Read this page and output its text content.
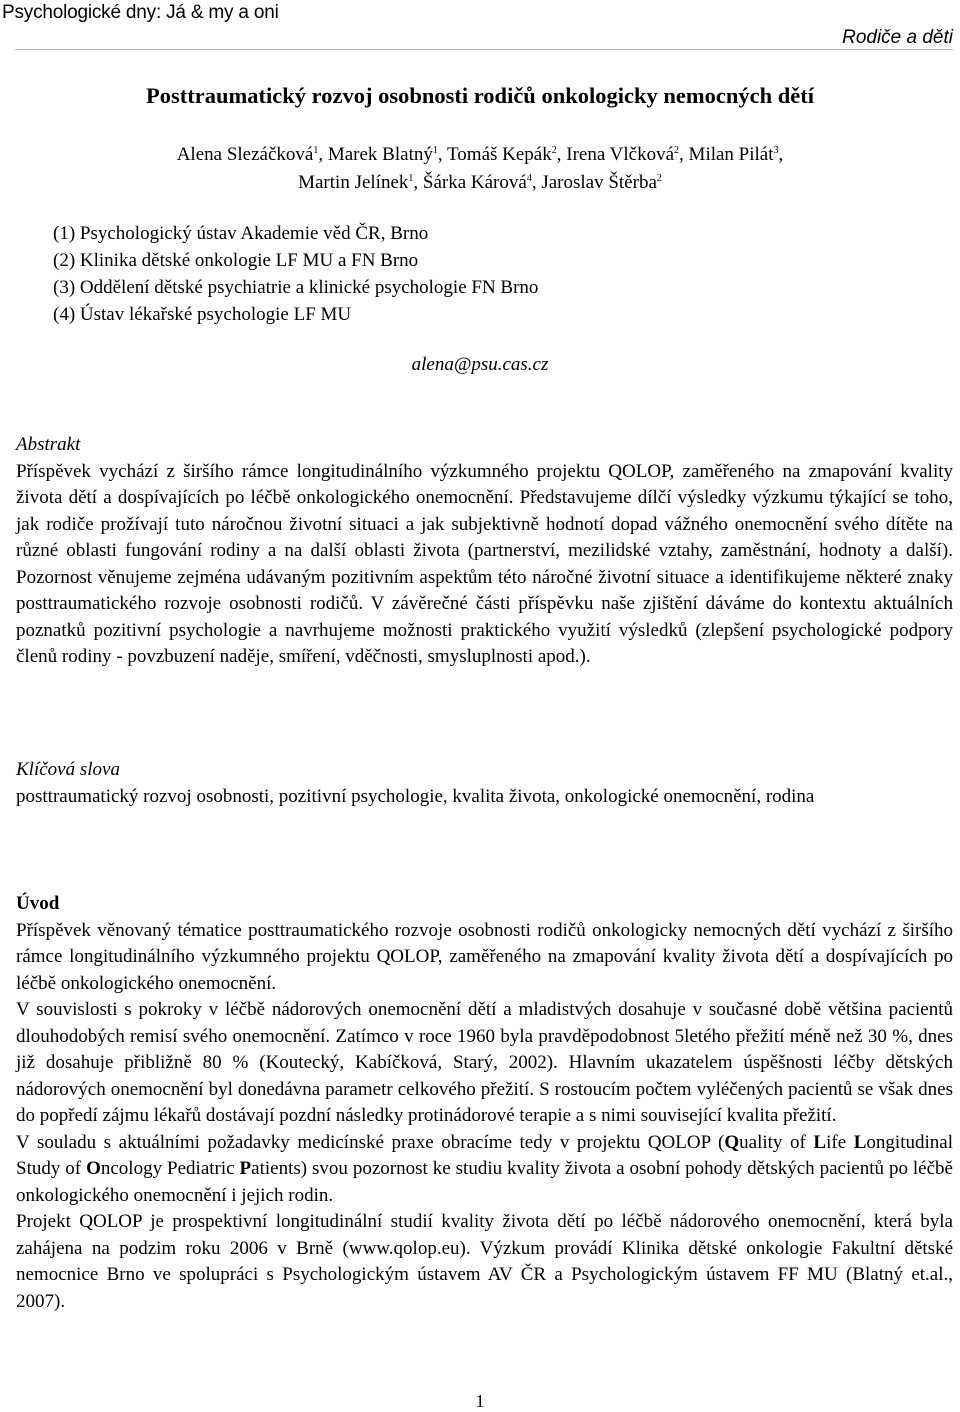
Psychologické dny: Já & my a oni
Rodiče a děti
Posttraumatický rozvoj osobnosti rodičů onkologicky nemocných dětí
Alena Slezáčková$^1$, Marek Blatný$^1$, Tomáš Kepák$^2$, Irena Vlčková$^2$, Milan Pilát$^3$,
Martin Jelínek$^1$, Šárka Kárová$^4$, Jaroslav Štěrba$^2$
(1) Psychologický ústav Akademie věd ČR, Brno
(2) Klinika dětské onkologie LF MU a FN Brno
(3) Oddělení dětské psychiatrie a klinické psychologie FN Brno
(4) Ústav lékařské psychologie LF MU
alena@psu.cas.cz
Abstrakt
Příspěvek vychází z širšího rámce longitudinálního výzkumného projektu QOLOP, zaměřeného na zmapování kvality života dětí a dospívajících po léčbě onkologického onemocnění. Představujeme dílčí výsledky výzkumu týkající se toho, jak rodiče prožívají tuto náročnou životní situaci a jak subjektivně hodnotí dopad vážného onemocnění svého dítěte na různé oblasti fungování rodiny a na další oblasti života (partnerství, mezilidské vztahy, zaměstnání, hodnoty a další). Pozornost věnujeme zejména udávaným pozitivním aspektům této náročné životní situace a identifikujeme některé znaky posttraumatického rozvoje osobnosti rodičů. V závěrečné části příspěvku naše zjištění dáváme do kontextu aktuálních poznatků pozitivní psychologie a navrhujeme možnosti praktického využití výsledků (zlepšení psychologické podpory členů rodiny - povzbuzení naděje, smíření, vděčnosti, smysluplnosti apod.).
Klíčová slova
posttraumatický rozvoj osobnosti, pozitivní psychologie, kvalita života, onkologické onemocnění, rodina
Úvod
Příspěvek věnovaný tématice posttraumatického rozvoje osobnosti rodičů onkologicky nemocných dětí vychází z širšího rámce longitudinálního výzkumného projektu QOLOP, zaměřeného na zmapování kvality života dětí a dospívajících po léčbě onkologického onemocnění.
V souvislosti s pokroky v léčbě nádorových onemocnění dětí a mladistvých dosahuje v současné době většina pacientů dlouhodobých remisí svého onemocnění. Zatímco v roce 1960 byla pravděpodobnost 5letého přežití méně než 30 %, dnes již dosahuje přibližně 80 % (Koutecký, Kabíčková, Starý, 2002). Hlavním ukazatelem úspěšnosti léčby dětských nádorových onemocnění byl donedávna parametr celkového přežití. S rostoucím počtem vyléčených pacientů se však dnes do popředí zájmu lékařů dostávají pozdní následky protinádorové terapie a s nimi související kvalita přežití.
V souladu s aktuálními požadavky medicínské praxe obracíme tedy v projektu QOLOP (Quality of Life Longitudinal Study of Oncology Pediatric Patients) svou pozornost ke studiu kvality života a osobní pohody dětských pacientů po léčbě onkologického onemocnění i jejich rodin.
Projekt QOLOP je prospektivní longitudinální studií kvality života dětí po léčbě nádorového onemocnění, která byla zahájena na podzim roku 2006 v Brně (www.qolop.eu). Výzkum provádí Klinika dětské onkologie Fakultní dětské nemocnice Brno ve spolupráci s Psychologickým ústavem AV ČR a Psychologickým ústavem FF MU (Blatný et.al., 2007).
1
